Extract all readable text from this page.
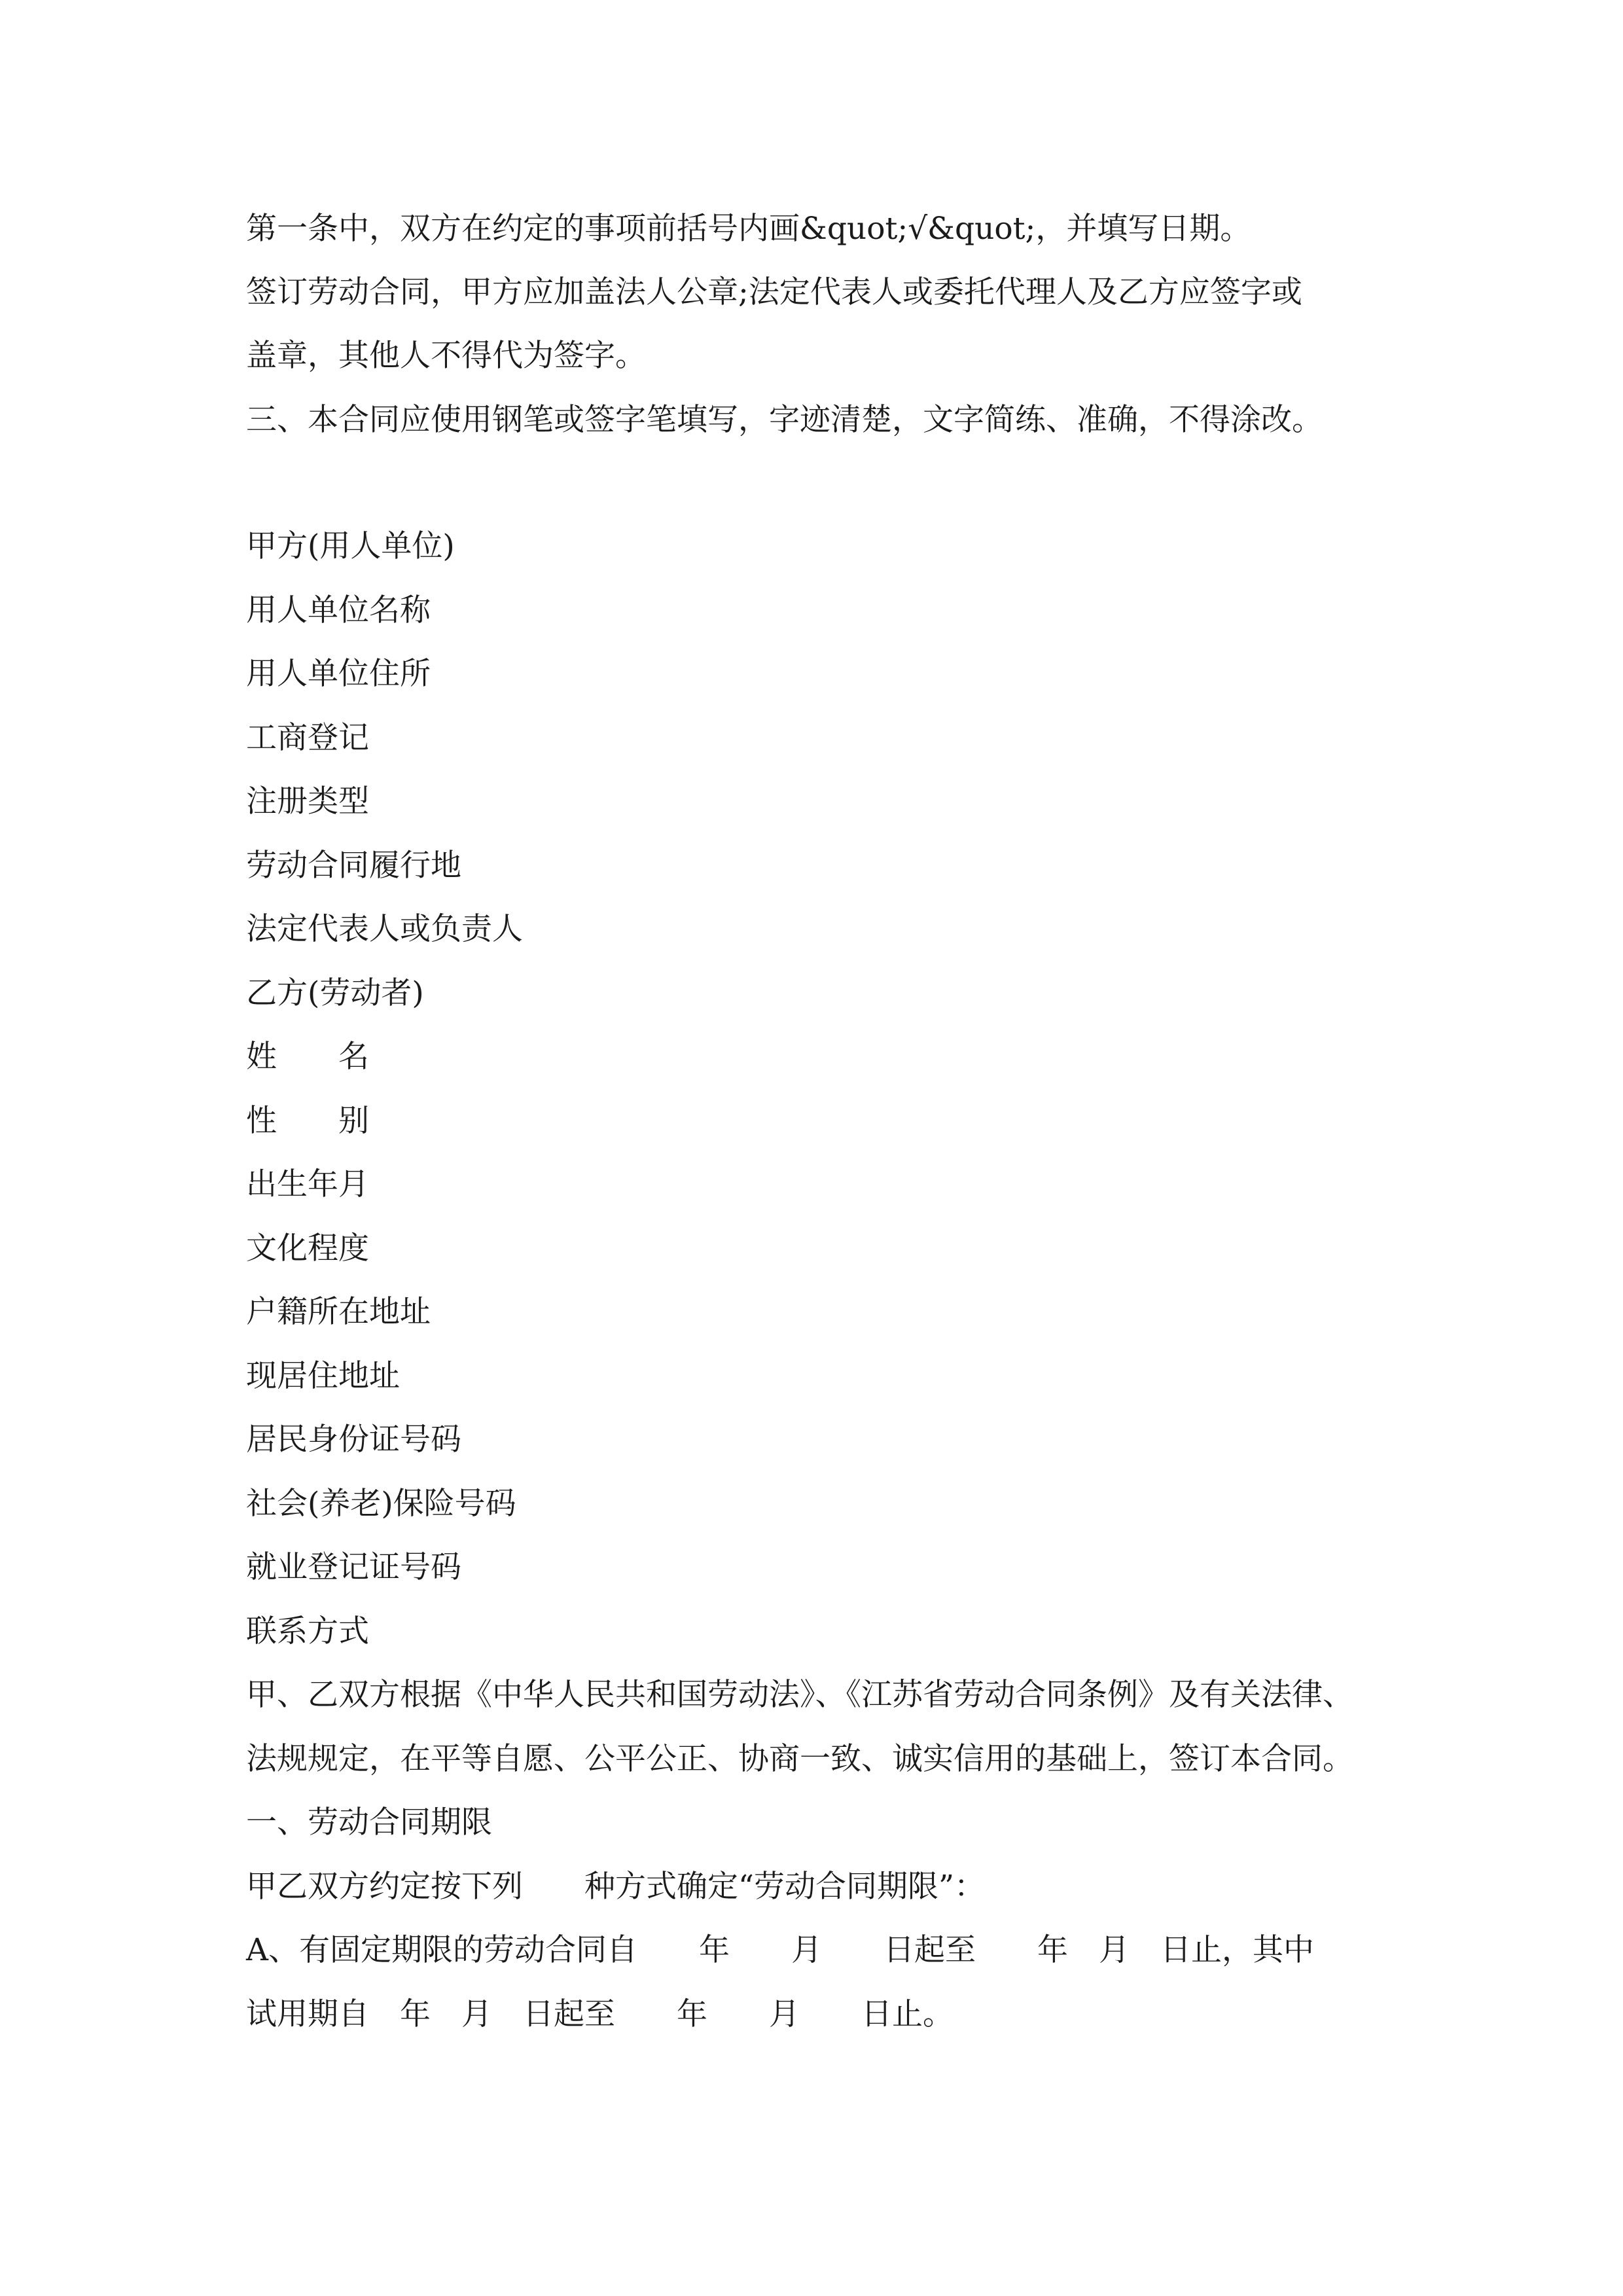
第一条中，双方在约定的事项前括号内画&quot;√&quot;，并填写日期。
签订劳动合同，甲方应加盖法人公章;法定代表人或委托代理人及乙方应签字或
盖章，其他人不得代为签字。
三、本合同应使用钢笔或签字笔填写，字迹清楚，文字简练、准确，不得涂改。
甲方(用人单位)
用人单位名称
用人单位住所
工商登记
注册类型
劳动合同履行地
法定代表人或负责人
乙方(劳动者)
姓　　名
性　　别
出生年月
文化程度
户籍所在地址
现居住地址
居民身份证号码
社会(养老)保险号码
就业登记证号码
联系方式
甲、乙双方根据《中华人民共和国劳动法》、《江苏省劳动合同条例》及有关法律、
法规规定，在平等自愿、公平公正、协商一致、诚实信用的基础上，签订本合同。
一、劳动合同期限
甲乙双方约定按下列　　种方式确定“劳动合同期限”：
A、有固定期限的劳动合同自　　年　　月　　日起至　　年　月　日止，其中
试用期自　年　月　日起至　　年　　月　　日止。
